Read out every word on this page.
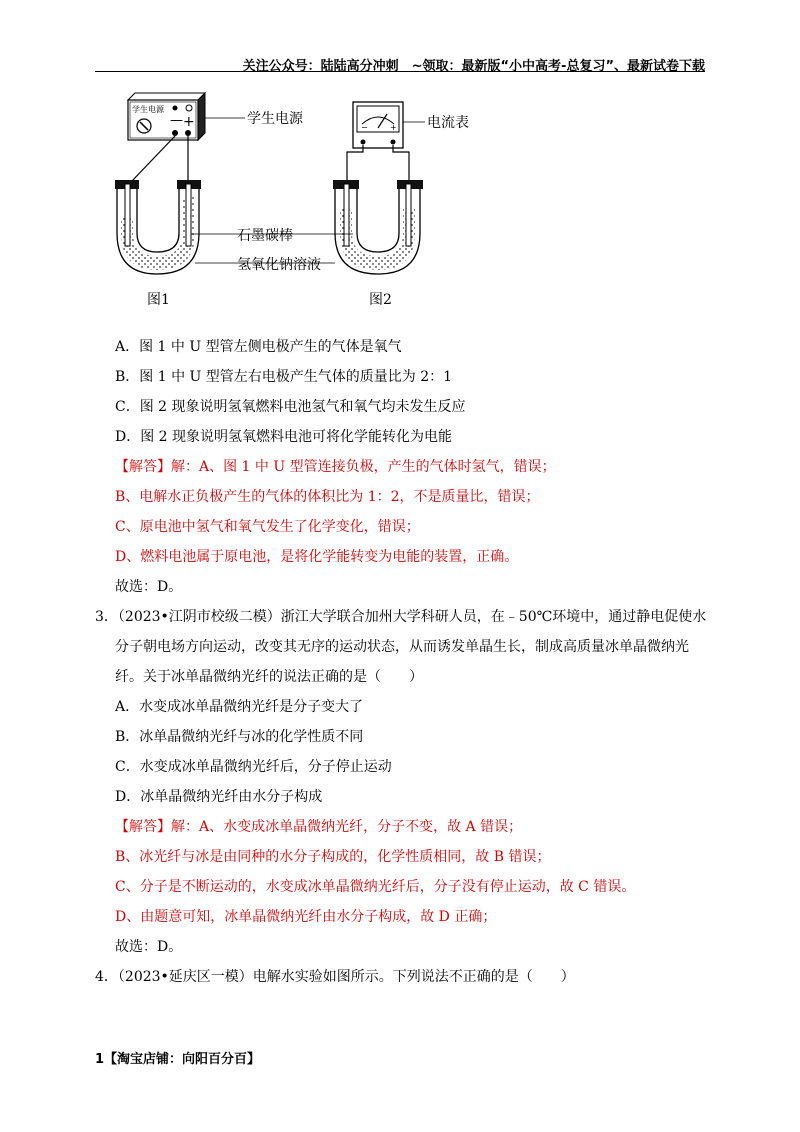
关注公众号：陆陆高分冲刺　~领取：最新版“小中高考-总复习”、最新试卷下载
学生电源
— +	−	+
学生电源	电流表
石墨碳棒
氢氧化钠溶液
图1	图2
A．图 1 中 U 型管左侧电极产生的气体是氧气
B．图 1 中 U 型管左右电极产生气体的质量比为 2：1
C．图 2 现象说明氢氧燃料电池氢气和氧气均未发生反应
D．图 2 现象说明氢氧燃料电池可将化学能转化为电能
【解答】解：A、图 1 中 U 型管连接负极，产生的气体时氢气，错误；
B、电解水正负极产生的气体的体积比为 1：2，不是质量比，错误；
C、原电池中氢气和氧气发生了化学变化，错误；
D、燃料电池属于原电池，是将化学能转变为电能的装置，正确。
故选：D。
3．（2023•江阴市校级二模）浙江大学联合加州大学科研人员，在﹣50℃环境中，通过静电促使水
分子朝电场方向运动，改变其无序的运动状态，从而诱发单晶生长，制成高质量冰单晶微纳光
纤。关于冰单晶微纳光纤的说法正确的是（　　）
A．水变成冰单晶微纳光纤是分子变大了
B．冰单晶微纳光纤与冰的化学性质不同
C．水变成冰单晶微纳光纤后，分子停止运动
D．冰单晶微纳光纤由水分子构成
【解答】解：A、水变成冰单晶微纳光纤，分子不变，故 A 错误；
B、冰光纤与冰是由同种的水分子构成的，化学性质相同，故 B 错误；
C、分子是不断运动的，水变成冰单晶微纳光纤后，分子没有停止运动，故 C 错误。
D、由题意可知，冰单晶微纳光纤由水分子构成，故 D 正确；
故选：D。
4．（2023•延庆区一模）电解水实验如图所示。下列说法不正确的是（　　）
1【淘宝店铺：向阳百分百】
